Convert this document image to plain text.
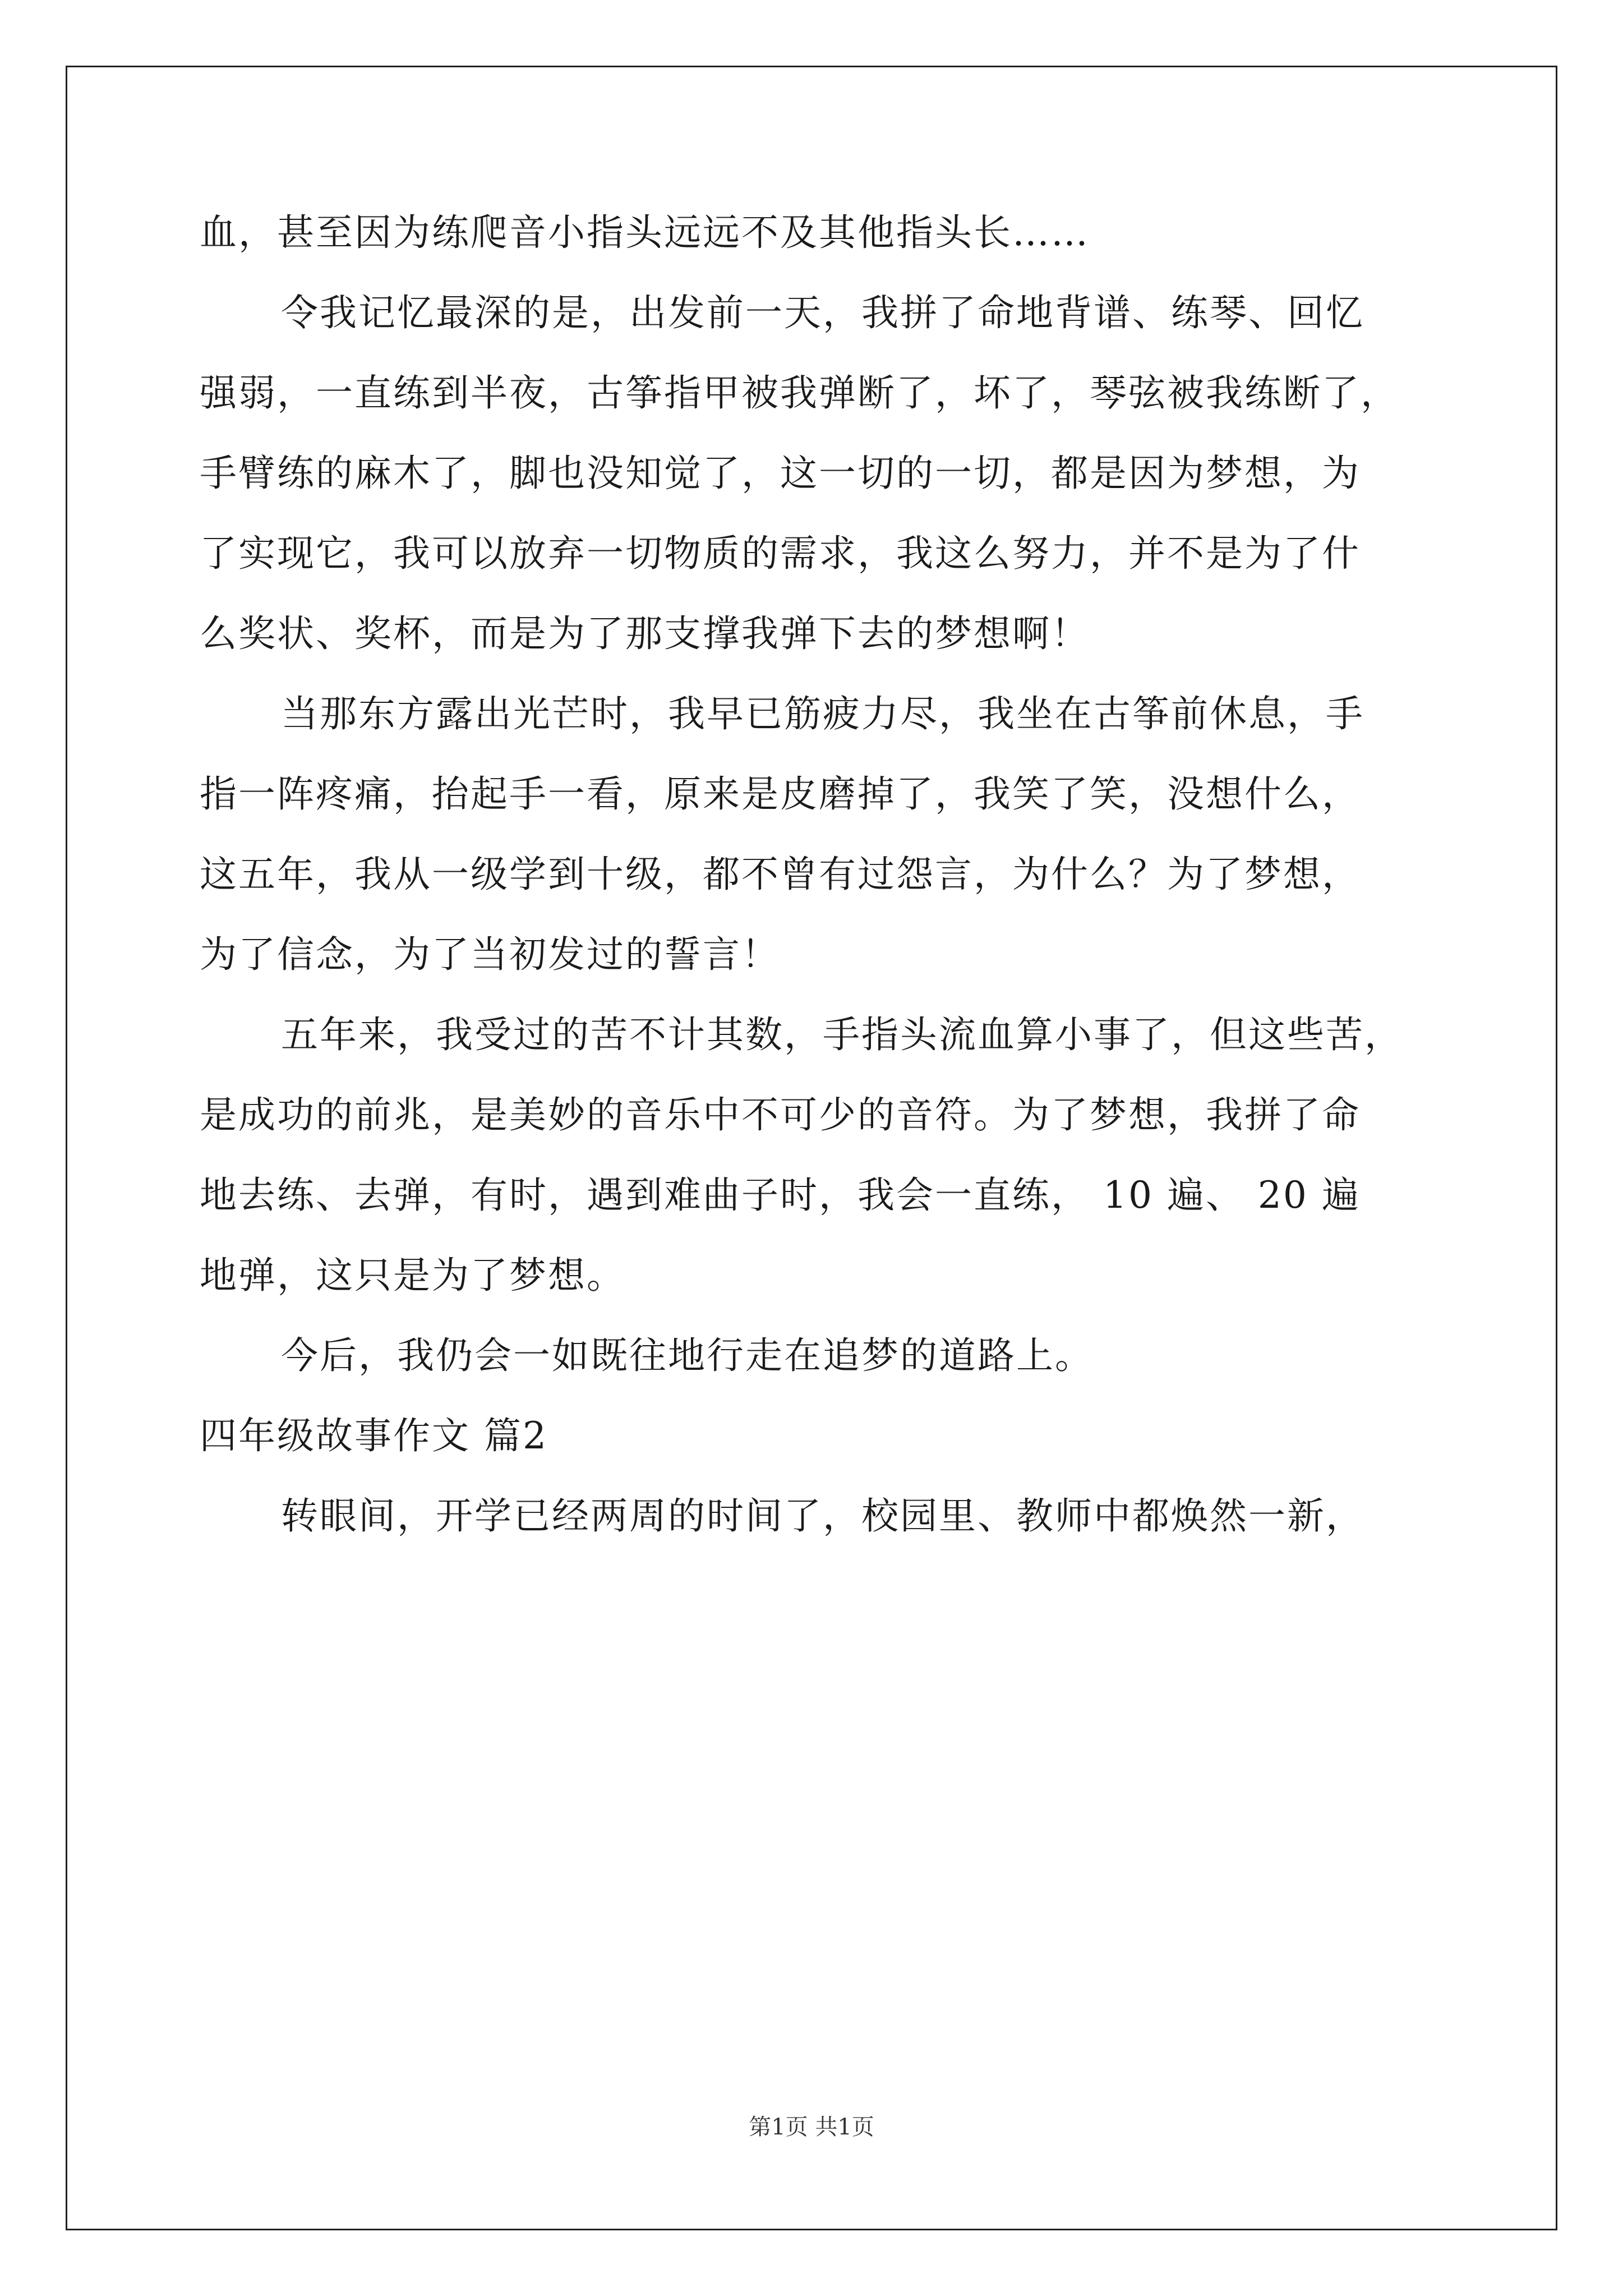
血，甚至因为练爬音小指头远远不及其他指头长……
令我记忆最深的是，出发前一天，我拼了命地背谱、练琴、回忆
强弱，一直练到半夜，古筝指甲被我弹断了，坏了，琴弦被我练断了，
手臂练的麻木了，脚也没知觉了，这一切的一切，都是因为梦想，为
了实现它，我可以放弃一切物质的需求，我这么努力，并不是为了什
么奖状、奖杯，而是为了那支撑我弹下去的梦想啊！
当那东方露出光芒时，我早已筋疲力尽，我坐在古筝前休息，手
指一阵疼痛，抬起手一看，原来是皮磨掉了，我笑了笑，没想什么，
这五年，我从一级学到十级，都不曾有过怨言，为什么？为了梦想，
为了信念，为了当初发过的誓言！
五年来，我受过的苦不计其数，手指头流血算小事了，但这些苦，
是成功的前兆，是美妙的音乐中不可少的音符。为了梦想，我拼了命
地去练、去弹，有时，遇到难曲子时，我会一直练， 10 遍、 20 遍
地弹，这只是为了梦想。
今后，我仍会一如既往地行走在追梦的道路上。
四年级故事作文 篇2
转眼间，开学已经两周的时间了，校园里、教师中都焕然一新，
第1页 共1页
